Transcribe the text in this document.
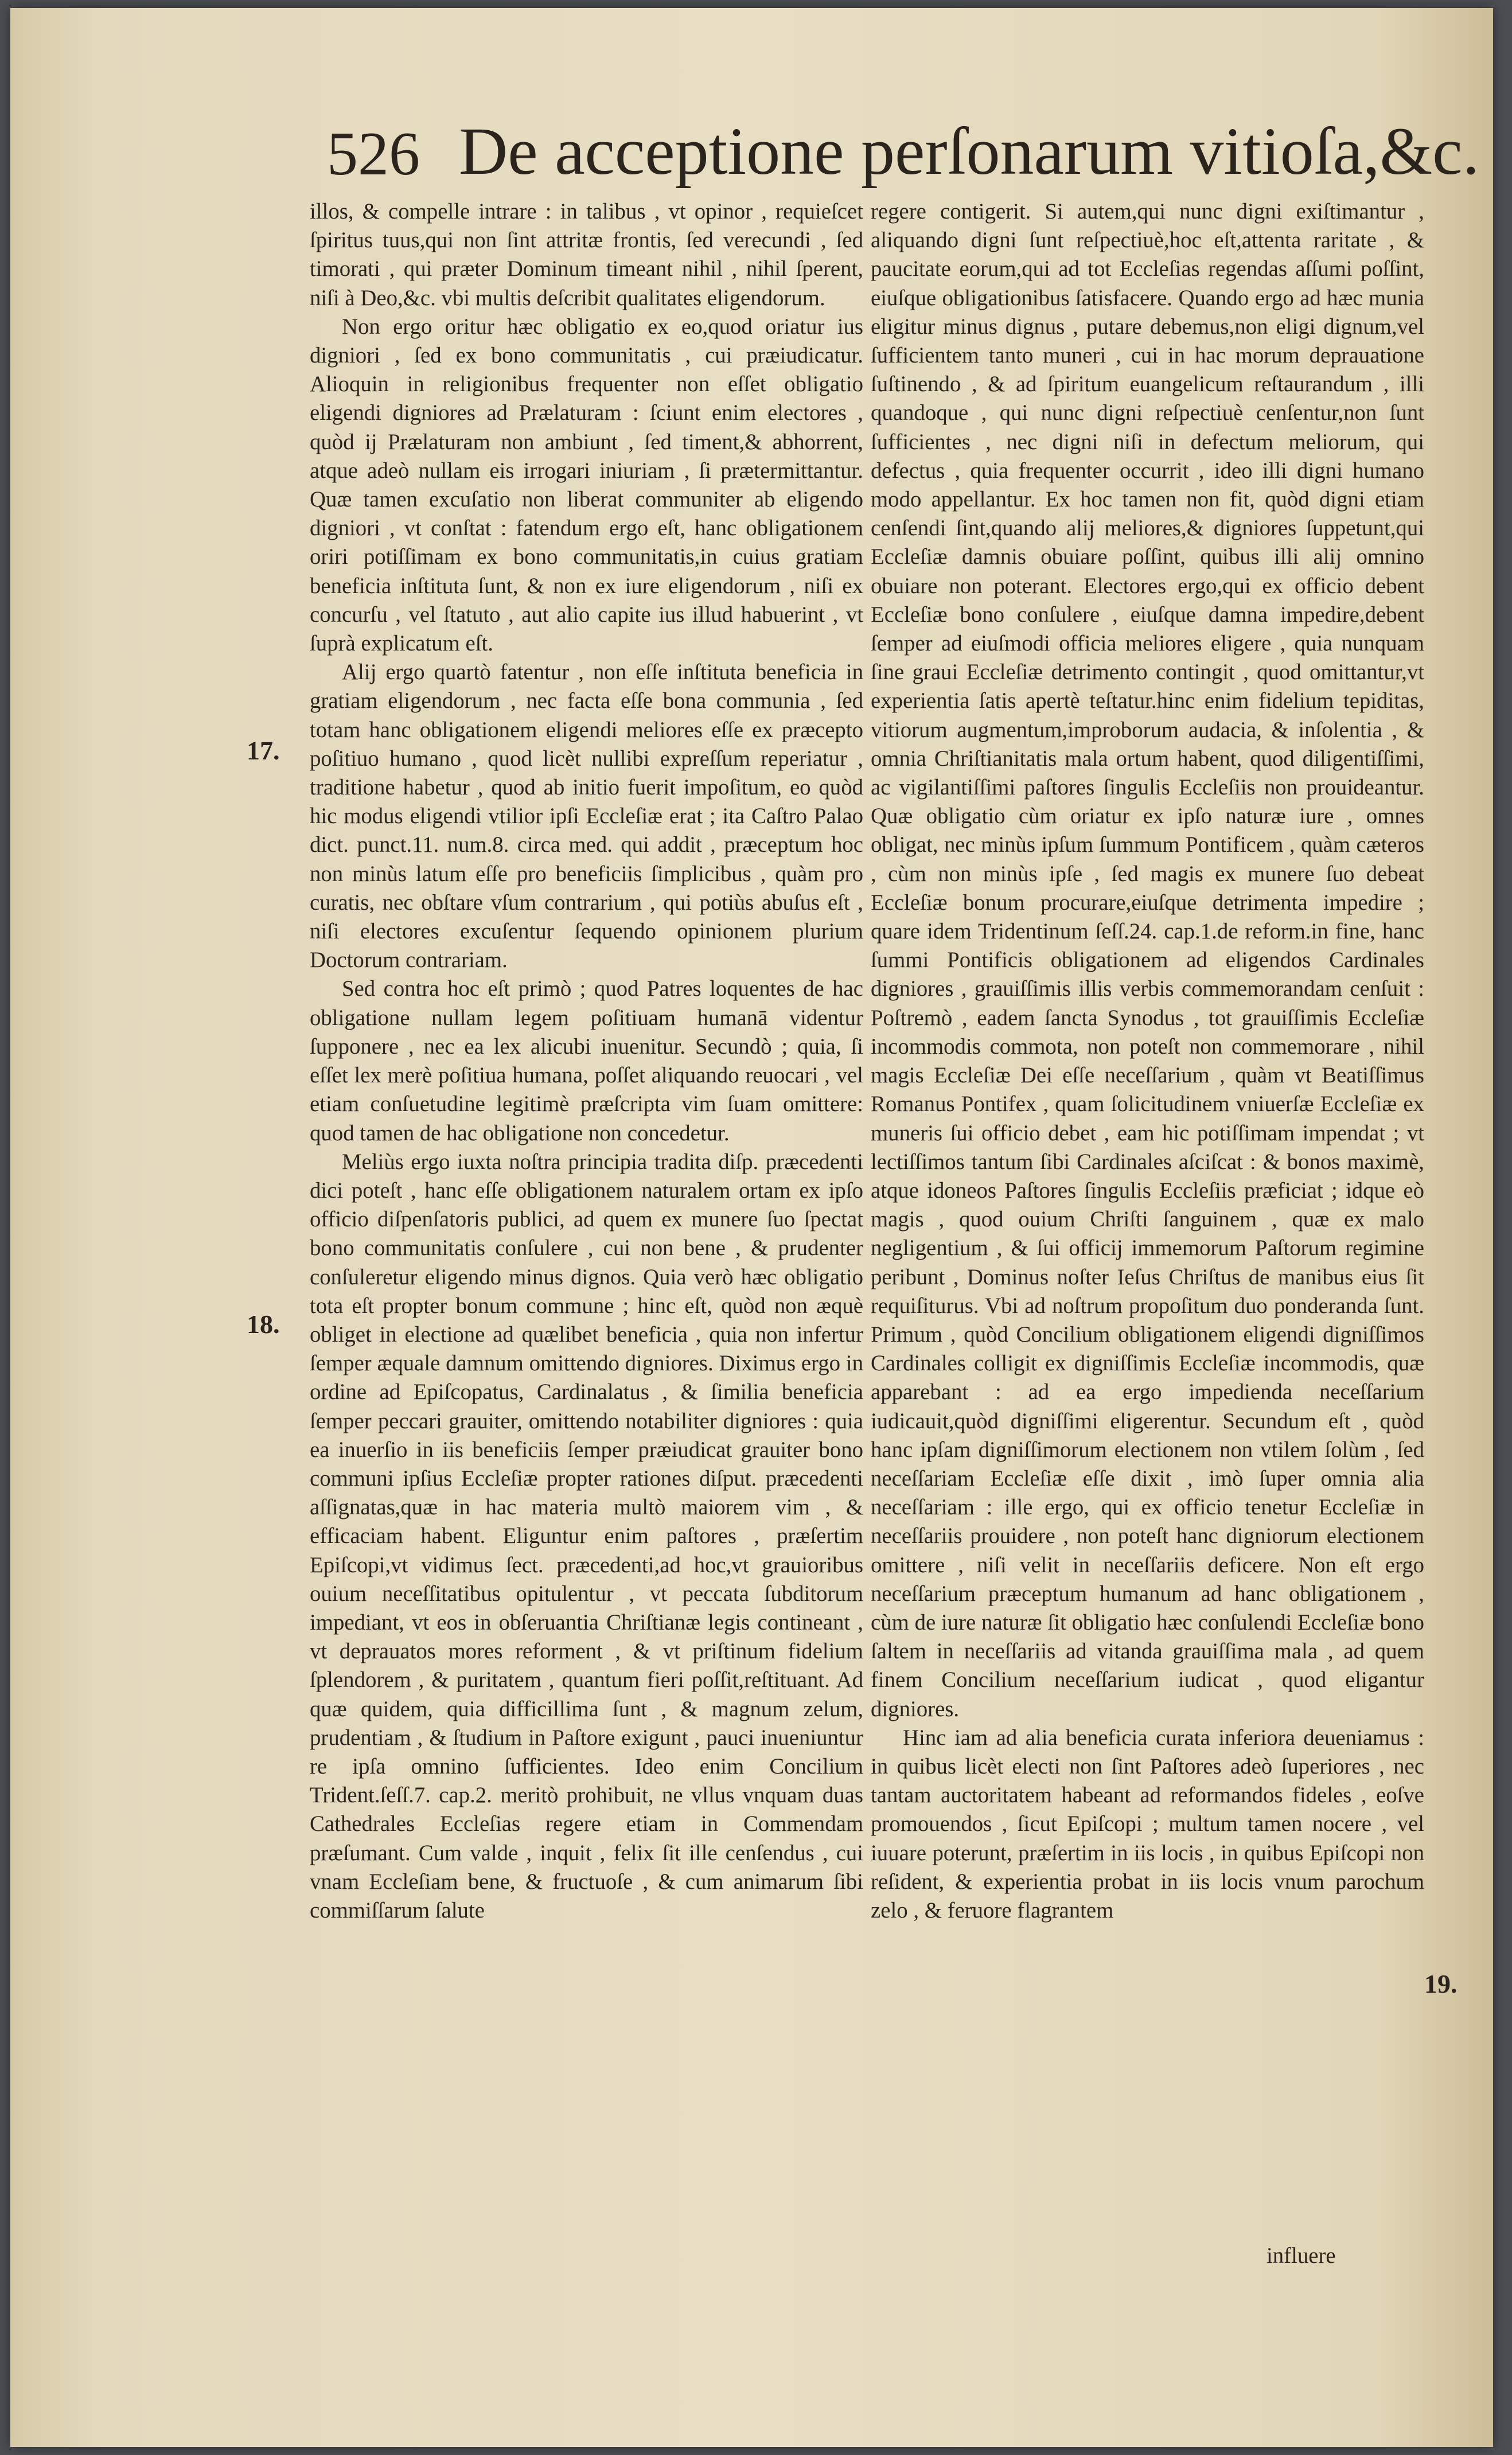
526 De acceptione perſonarum vitioſa,&c.

illos, & compelle intrare : in talibus , vt opinor , requieſcet ſpiritus tuus,qui non ſint attritæ frontis, ſed verecundi , ſed timorati , qui præter Dominum timeant nihil , nihil ſperent, niſi à Deo,&c. vbi multis deſcribit qualitates eligendorum.

Non ergo oritur hæc obligatio ex eo,quod oriatur ius digniori , ſed ex bono communitatis , cui præiudicatur. Alioquin in religionibus frequenter non eſſet obligatio eligendi digniores ad Prælaturam : ſciunt enim electores , quòd ij Prælaturam non ambiunt , ſed timent,& abhorrent, atque adeò nullam eis irrogari iniuriam , ſi prætermittantur. Quæ tamen excuſatio non liberat communiter ab eligendo digniori , vt conſtat : fatendum ergo eſt, hanc obligationem oriri potiſſimam ex bono communitatis,in cuius gratiam beneficia inſtituta ſunt, & non ex iure eligendorum , niſi ex concurſu , vel ſtatuto , aut alio capite ius illud habuerint , vt ſuprà explicatum eſt.

Alij ergo quartò fatentur , non eſſe inſtituta beneficia in gratiam eligendorum , nec facta eſſe bona communia , ſed totam hanc obligationem eligendi meliores eſſe ex præcepto poſitiuo humano , quod licèt nullibi expreſſum reperiatur , traditione habetur , quod ab initio fuerit impoſitum, eo quòd hic modus eligendi vtilior ipſi Eccleſiæ erat ; ita Caſtro Palao dict. punct.11. num.8. circa med. qui addit , præceptum hoc non minùs latum eſſe pro beneficiis ſimplicibus , quàm pro curatis, nec obſtare vſum contrarium , qui potiùs abuſus eſt , niſi electores excuſentur ſequendo opinionem plurium Doctorum contrariam.

Sed contra hoc eſt primò ; quod Patres loquentes de hac obligatione nullam legem poſitiuam humanā videntur ſupponere , nec ea lex alicubi inuenitur. Secundò ; quia, ſi eſſet lex merè poſitiua humana, poſſet aliquando reuocari , vel etiam conſuetudine legitimè præſcripta vim ſuam omittere: quod tamen de hac obligatione non concedetur.

Meliùs ergo iuxta noſtra principia tradita diſp. præcedenti dici poteſt , hanc eſſe obligationem naturalem ortam ex ipſo officio diſpenſatoris publici, ad quem ex munere ſuo ſpectat bono communitatis conſulere , cui non bene , & prudenter conſuleretur eligendo minus dignos. Quia verò hæc obligatio tota eſt propter bonum commune ; hinc eſt, quòd non æquè obliget in electione ad quælibet beneficia , quia non infertur ſemper æquale damnum omittendo digniores. Diximus ergo in ordine ad Epiſcopatus, Cardinalatus , & ſimilia beneficia ſemper peccari grauiter, omittendo notabiliter digniores : quia ea inuerſio in iis beneficiis ſemper præiudicat grauiter bono communi ipſius Eccleſiæ propter rationes diſput. præcedenti aſſignatas,quæ in hac materia multò maiorem vim , & efficaciam habent. Eliguntur enim paſtores , præſertim Epiſcopi,vt vidimus ſect. præcedenti,ad hoc,vt grauioribus ouium neceſſitatibus opitulentur , vt peccata ſubditorum impediant, vt eos in obſeruantia Chriſtianæ legis contineant , vt deprauatos mores reforment , & vt priſtinum fidelium ſplendorem , & puritatem , quantum fieri poſſit,reſtituant. Ad quæ quidem, quia difficillima ſunt , & magnum zelum, prudentiam , & ſtudium in Paſtore exigunt , pauci inueniuntur re ipſa omnino ſufficientes. Ideo enim Concilium Trident.ſeſſ.7. cap.2. meritò prohibuit, ne vllus vnquam duas Cathedrales Eccleſias regere etiam in Commendam præſumant. Cum valde , inquit , felix ſit ille cenſendus , cui vnam Eccleſiam bene, & fructuoſe , & cum animarum ſibi commiſſarum ſalute

regere contigerit. Si autem,qui nunc digni exiſtimantur , aliquando digni ſunt reſpectiuè,hoc eſt,attenta raritate , & paucitate eorum,qui ad tot Eccleſias regendas aſſumi poſſint, eiuſque obligationibus ſatisfacere. Quando ergo ad hæc munia eligitur minus dignus , putare debemus,non eligi dignum,vel ſufficientem tanto muneri , cui in hac morum deprauatione ſuſtinendo , & ad ſpiritum euangelicum reſtaurandum , illi quandoque , qui nunc digni reſpectiuè cenſentur,non ſunt ſufficientes , nec digni niſi in defectum meliorum, qui defectus , quia frequenter occurrit , ideo illi digni humano modo appellantur. Ex hoc tamen non fit, quòd digni etiam cenſendi ſint,quando alij meliores,& digniores ſuppetunt,qui Eccleſiæ damnis obuiare poſſint, quibus illi alij omnino obuiare non poterant. Electores ergo,qui ex officio debent Eccleſiæ bono conſulere , eiuſque damna impedire,debent ſemper ad eiuſmodi officia meliores eligere , quia nunquam ſine graui Eccleſiæ detrimento contingit , quod omittantur,vt experientia ſatis apertè teſtatur.hinc enim fidelium tepiditas, vitiorum augmentum,improborum audacia, & inſolentia , & omnia Chriſtianitatis mala ortum habent, quod diligentiſſimi, ac vigilantiſſimi paſtores ſingulis Eccleſiis non prouideantur. Quæ obligatio cùm oriatur ex ipſo naturæ iure , omnes obligat, nec minùs ipſum ſummum Pontificem , quàm cæteros , cùm non minùs ipſe , ſed magis ex munere ſuo debeat Eccleſiæ bonum procurare,eiuſque detrimenta impedire ; quare idem Tridentinum ſeſſ.24. cap.1.de reform.in fine, hanc ſummi Pontificis obligationem ad eligendos Cardinales digniores , grauiſſimis illis verbis commemorandam cenſuit : Poſtremò , eadem ſancta Synodus , tot grauiſſimis Eccleſiæ incommodis commota, non poteſt non commemorare , nihil magis Eccleſiæ Dei eſſe neceſſarium , quàm vt Beatiſſimus Romanus Pontifex , quam ſolicitudinem vniuerſæ Eccleſiæ ex muneris ſui officio debet , eam hic potiſſimam impendat ; vt lectiſſimos tantum ſibi Cardinales aſciſcat : & bonos maximè, atque idoneos Paſtores ſingulis Eccleſiis præficiat ; idque eò magis , quod ouium Chriſti ſanguinem , quæ ex malo negligentium , & ſui officij immemorum Paſtorum regimine peribunt , Dominus noſter Ieſus Chriſtus de manibus eius ſit requiſiturus. Vbi ad noſtrum propoſitum duo ponderanda ſunt. Primum , quòd Concilium obligationem eligendi digniſſimos Cardinales colligit ex digniſſimis Eccleſiæ incommodis, quæ apparebant : ad ea ergo impedienda neceſſarium iudicauit,quòd digniſſimi eligerentur. Secundum eſt , quòd hanc ipſam digniſſimorum electionem non vtilem ſolùm , ſed neceſſariam Eccleſiæ eſſe dixit , imò ſuper omnia alia neceſſariam : ille ergo, qui ex officio tenetur Eccleſiæ in neceſſariis prouidere , non poteſt hanc digniorum electionem omittere , niſi velit in neceſſariis deficere. Non eſt ergo neceſſarium præceptum humanum ad hanc obligationem , cùm de iure naturæ ſit obligatio hæc conſulendi Eccleſiæ bono ſaltem in neceſſariis ad vitanda grauiſſima mala , ad quem finem Concilium neceſſarium iudicat , quod eligantur digniores.

Hinc iam ad alia beneficia curata inferiora deueniamus : in quibus licèt electi non ſint Paſtores adeò ſuperiores , nec tantam auctoritatem habeant ad reformandos fideles , eoſve promouendos , ſicut Epiſcopi ; multum tamen nocere , vel iuuare poterunt, præſertim in iis locis , in quibus Epiſcopi non reſident, & experientia probat in iis locis vnum parochum zelo , & feruore flagrantem

17.
18.
19.
influere
